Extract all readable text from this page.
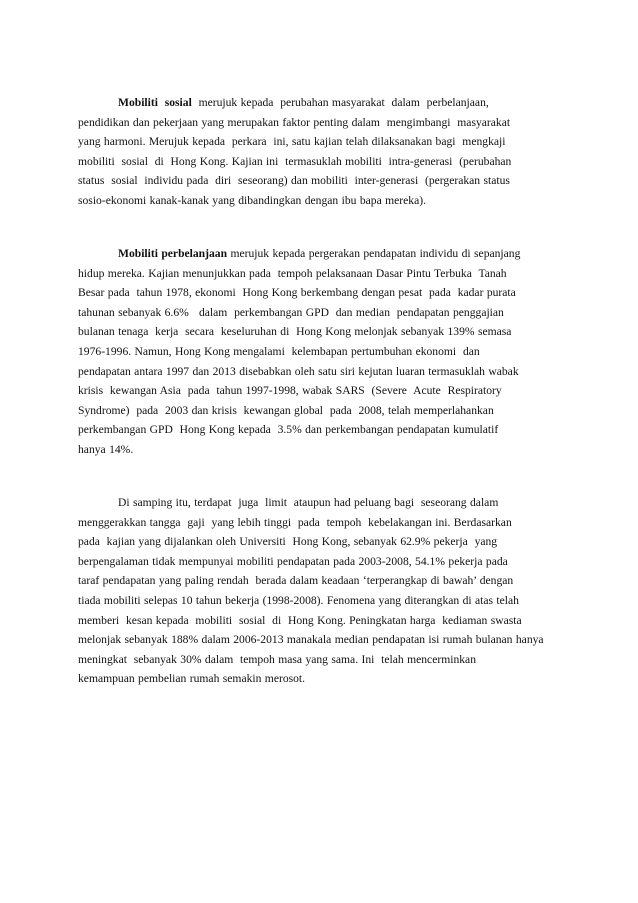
Mobiliti  sosial  merujuk kepada  perubahan masyarakat  dalam  perbelanjaan,
pendidikan dan pekerjaan yang merupakan faktor penting dalam  mengimbangi  masyarakat
yang harmoni. Merujuk kepada  perkara  ini, satu kajian telah dilaksanakan bagi  mengkaji
mobiliti  sosial  di  Hong Kong. Kajian ini  termasuklah mobiliti  intra-generasi  (perubahan
status  sosial  individu pada  diri  seseorang) dan mobiliti  inter-generasi  (pergerakan status
sosio-ekonomi kanak-kanak yang dibandingkan dengan ibu bapa mereka).
Mobiliti perbelanjaan merujuk kepada pergerakan pendapatan individu di sepanjang
hidup mereka. Kajian menunjukkan pada  tempoh pelaksanaan Dasar Pintu Terbuka  Tanah
Besar pada  tahun 1978, ekonomi  Hong Kong berkembang dengan pesat  pada  kadar purata
tahunan sebanyak 6.6%   dalam  perkembangan GPD  dan median  pendapatan penggajian
bulanan tenaga  kerja  secara  keseluruhan di  Hong Kong melonjak sebanyak 139% semasa
1976-1996. Namun, Hong Kong mengalami  kelembapan pertumbuhan ekonomi  dan
pendapatan antara 1997 dan 2013 disebabkan oleh satu siri kejutan luaran termasuklah wabak
krisis  kewangan Asia  pada  tahun 1997-1998, wabak SARS  (Severe  Acute  Respiratory
Syndrome)  pada  2003 dan krisis  kewangan global  pada  2008, telah memperlahankan
perkembangan GPD  Hong Kong kepada  3.5% dan perkembangan pendapatan kumulatif
hanya 14%.
Di samping itu, terdapat  juga  limit  ataupun had peluang bagi  seseorang dalam
menggerakkan tangga  gaji  yang lebih tinggi  pada  tempoh  kebelakangan ini. Berdasarkan
pada  kajian yang dijalankan oleh Universiti  Hong Kong, sebanyak 62.9% pekerja  yang
berpengalaman tidak mempunyai mobiliti pendapatan pada 2003-2008, 54.1% pekerja pada
taraf pendapatan yang paling rendah  berada dalam keadaan ‘terperangkap di bawah’ dengan
tiada mobiliti selepas 10 tahun bekerja (1998-2008). Fenomena yang diterangkan di atas telah
memberi  kesan kepada  mobiliti  sosial  di  Hong Kong. Peningkatan harga  kediaman swasta
melonjak sebanyak 188% dalam 2006-2013 manakala median pendapatan isi rumah bulanan hanya
meningkat  sebanyak 30% dalam  tempoh masa yang sama. Ini  telah mencerminkan
kemampuan pembelian rumah semakin merosot.
